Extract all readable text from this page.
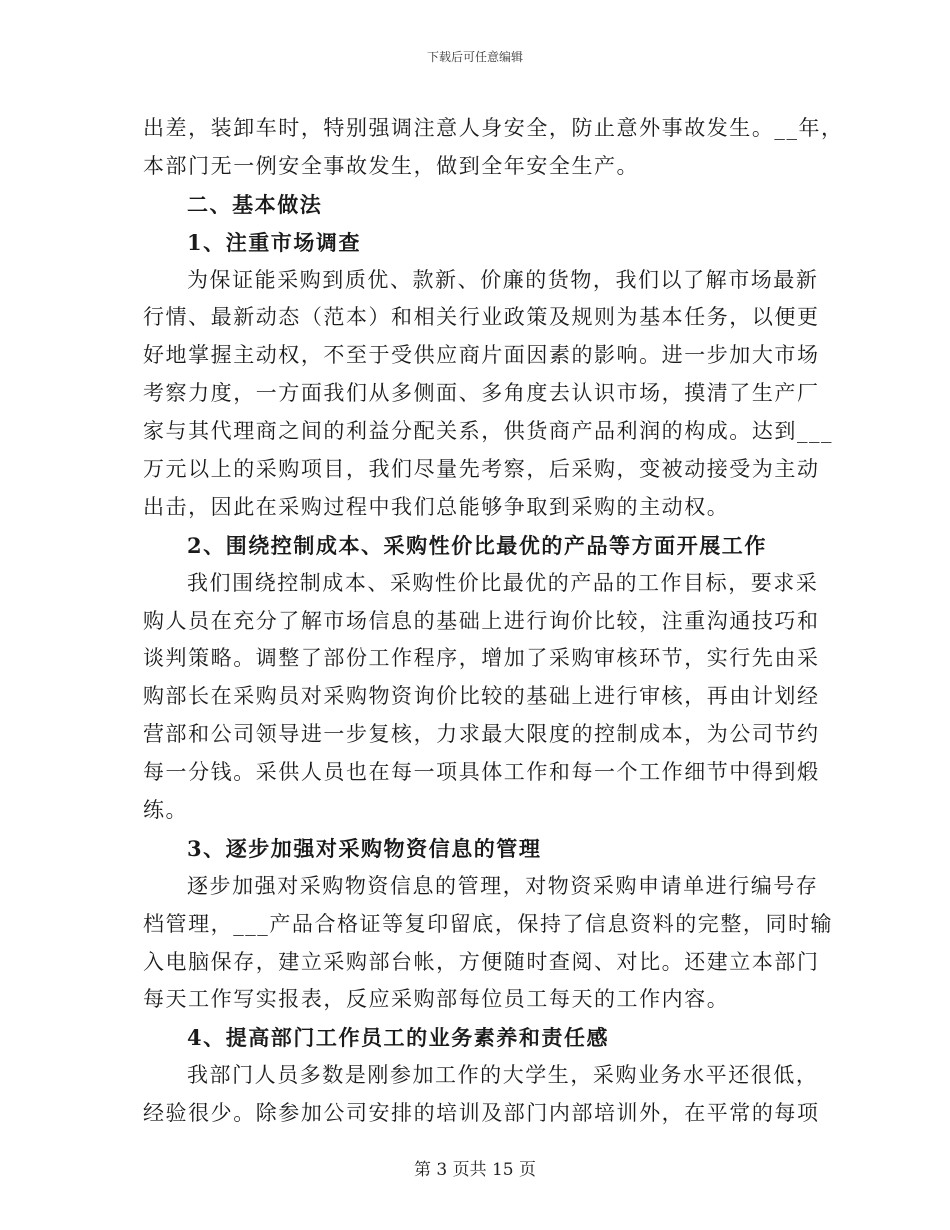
下载后可任意编辑
出差，装卸车时，特别强调注意人身安全，防止意外事故发生。__年，
本部门无一例安全事故发生，做到全年安全生产。
二、基本做法
1、注重市场调查
为保证能采购到质优、款新、价廉的货物，我们以了解市场最新
行情、最新动态（范本）和相关行业政策及规则为基本任务，以便更
好地掌握主动权，不至于受供应商片面因素的影响。进一步加大市场
考察力度，一方面我们从多侧面、多角度去认识市场，摸清了生产厂
家与其代理商之间的利益分配关系，供货商产品利润的构成。达到___
万元以上的采购项目，我们尽量先考察，后采购，变被动接受为主动
出击，因此在采购过程中我们总能够争取到采购的主动权。
2、围绕控制成本、采购性价比最优的产品等方面开展工作
我们围绕控制成本、采购性价比最优的产品的工作目标，要求采
购人员在充分了解市场信息的基础上进行询价比较，注重沟通技巧和
谈判策略。调整了部份工作程序，增加了采购审核环节，实行先由采
购部长在采购员对采购物资询价比较的基础上进行审核，再由计划经
营部和公司领导进一步复核，力求最大限度的控制成本，为公司节约
每一分钱。采供人员也在每一项具体工作和每一个工作细节中得到煅
练。
3、逐步加强对采购物资信息的管理
逐步加强对采购物资信息的管理，对物资采购申请单进行编号存
档管理，___产品合格证等复印留底，保持了信息资料的完整，同时输
入电脑保存，建立采购部台帐，方便随时查阅、对比。还建立本部门
每天工作写实报表，反应采购部每位员工每天的工作内容。
4、提高部门工作员工的业务素养和责任感
我部门人员多数是刚参加工作的大学生，采购业务水平还很低，
经验很少。除参加公司安排的培训及部门内部培训外，在平常的每项
第 3 页共 15 页
